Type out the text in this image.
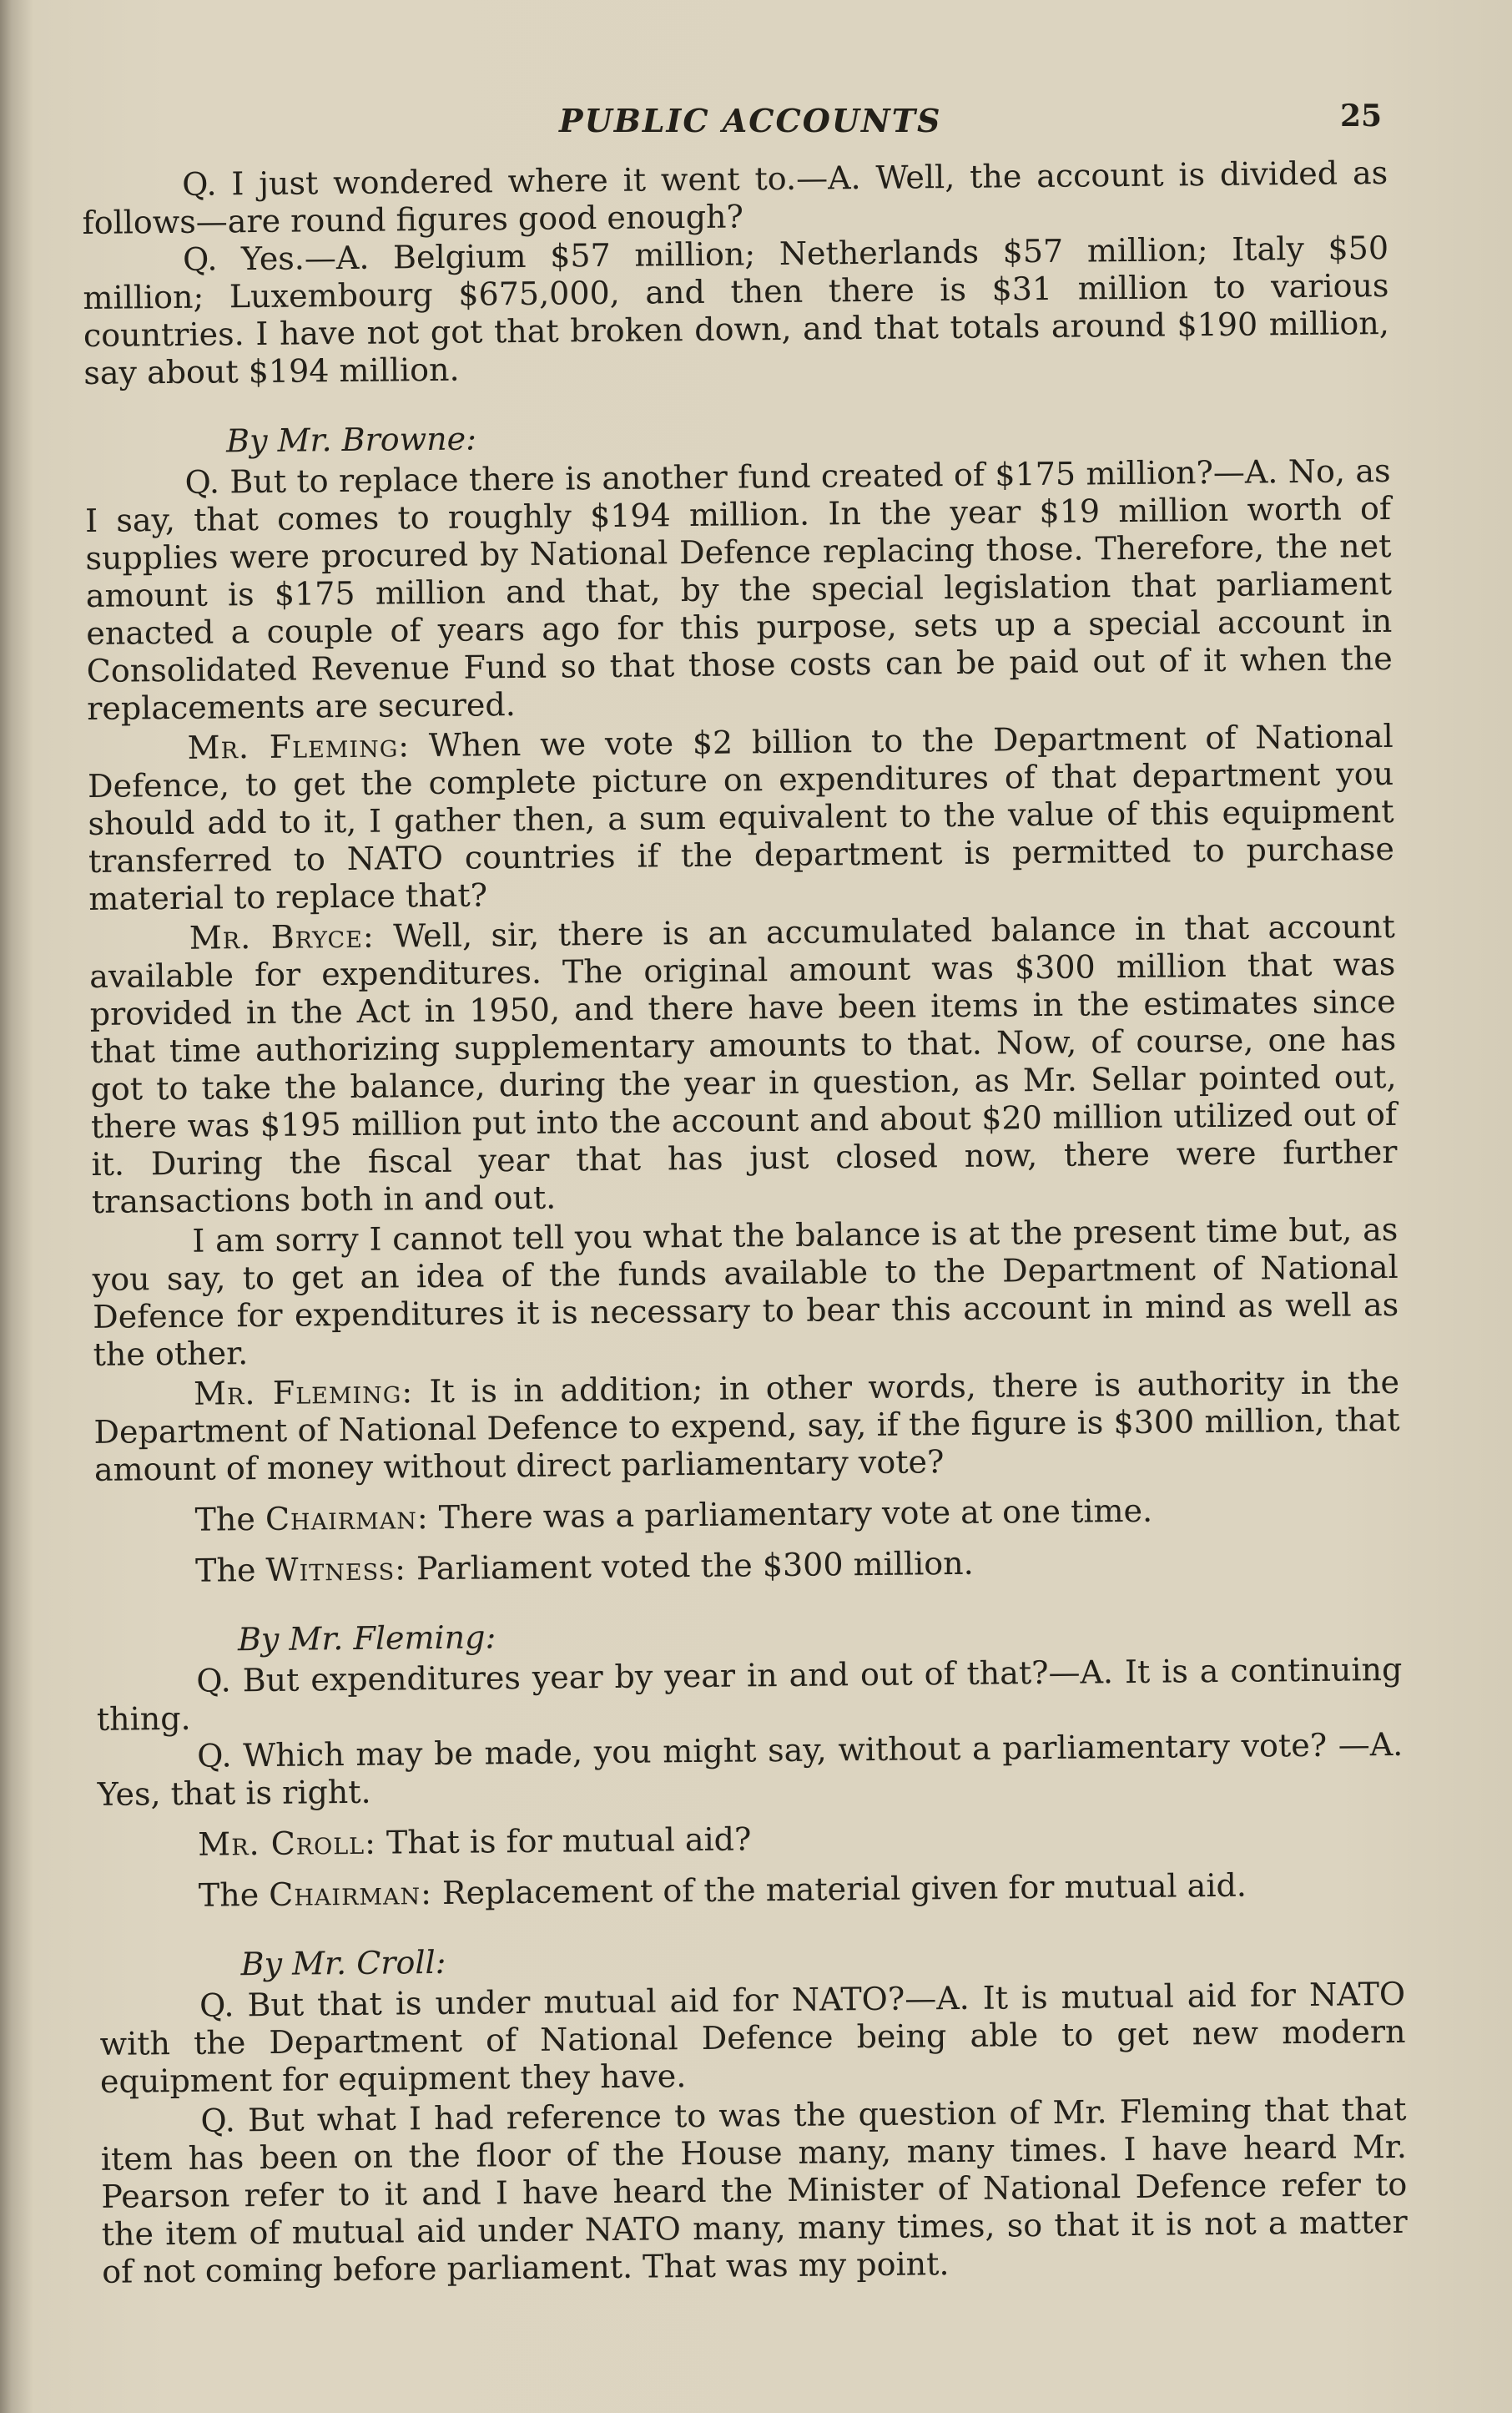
PUBLIC ACCOUNTS	25

Q. I just wondered where it went to.—A. Well, the account is divided as follows—are round figures good enough?

Q. Yes.—A. Belgium $57 million; Netherlands $57 million; Italy $50 million; Luxembourg $675,000, and then there is $31 million to various countries. I have not got that broken down, and that totals around $190 million, say about $194 million.

By Mr. Browne:

Q. But to replace there is another fund created of $175 million?—A. No, as I say, that comes to roughly $194 million. In the year $19 million worth of supplies were procured by National Defence replacing those. Therefore, the net amount is $175 million and that, by the special legislation that parliament enacted a couple of years ago for this purpose, sets up a special account in Consolidated Revenue Fund so that those costs can be paid out of it when the replacements are secured.

Mr. Fleming: When we vote $2 billion to the Department of National Defence, to get the complete picture on expenditures of that department you should add to it, I gather then, a sum equivalent to the value of this equipment transferred to NATO countries if the department is permitted to purchase material to replace that?

Mr. Bryce: Well, sir, there is an accumulated balance in that account available for expenditures. The original amount was $300 million that was provided in the Act in 1950, and there have been items in the estimates since that time authorizing supplementary amounts to that. Now, of course, one has got to take the balance, during the year in question, as Mr. Sellar pointed out, there was $195 million put into the account and about $20 million utilized out of it. During the fiscal year that has just closed now, there were further transactions both in and out.

I am sorry I cannot tell you what the balance is at the present time but, as you say, to get an idea of the funds available to the Department of National Defence for expenditures it is necessary to bear this account in mind as well as the other.

Mr. Fleming: It is in addition; in other words, there is authority in the Department of National Defence to expend, say, if the figure is $300 million, that amount of money without direct parliamentary vote?

The Chairman: There was a parliamentary vote at one time.

The Witness: Parliament voted the $300 million.

By Mr. Fleming:

Q. But expenditures year by year in and out of that?—A. It is a continuing thing.

Q. Which may be made, you might say, without a parliamentary vote? —A. Yes, that is right.

Mr. Croll: That is for mutual aid?

The Chairman: Replacement of the material given for mutual aid.

By Mr. Croll:

Q. But that is under mutual aid for NATO?—A. It is mutual aid for NATO with the Department of National Defence being able to get new modern equipment for equipment they have.

Q. But what I had reference to was the question of Mr. Fleming that that item has been on the floor of the House many, many times. I have heard Mr. Pearson refer to it and I have heard the Minister of National Defence refer to the item of mutual aid under NATO many, many times, so that it is not a matter of not coming before parliament. That was my point.
